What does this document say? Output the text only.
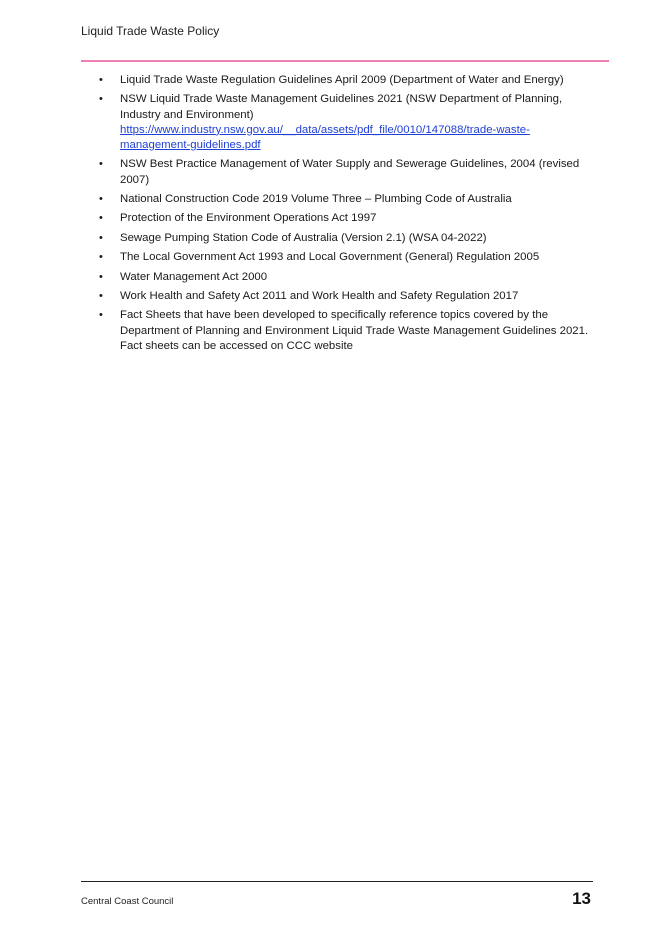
Liquid Trade Waste Policy
• Liquid Trade Waste Regulation Guidelines April 2009 (Department of Water and Energy)
• NSW Liquid Trade Waste Management Guidelines 2021 (NSW Department of Planning, Industry and Environment)
https://www.industry.nsw.gov.au/__data/assets/pdf_file/0010/147088/trade-waste-management-guidelines.pdf
• NSW Best Practice Management of Water Supply and Sewerage Guidelines, 2004 (revised 2007)
• National Construction Code 2019 Volume Three – Plumbing Code of Australia
• Protection of the Environment Operations Act 1997
• Sewage Pumping Station Code of Australia (Version 2.1) (WSA 04-2022)
• The Local Government Act 1993 and Local Government (General) Regulation 2005
• Water Management Act 2000
• Work Health and Safety Act 2011 and Work Health and Safety Regulation 2017
• Fact Sheets that have been developed to specifically reference topics covered by the Department of Planning and Environment Liquid Trade Waste Management Guidelines 2021. Fact sheets can be accessed on CCC website
Central Coast Council	13
